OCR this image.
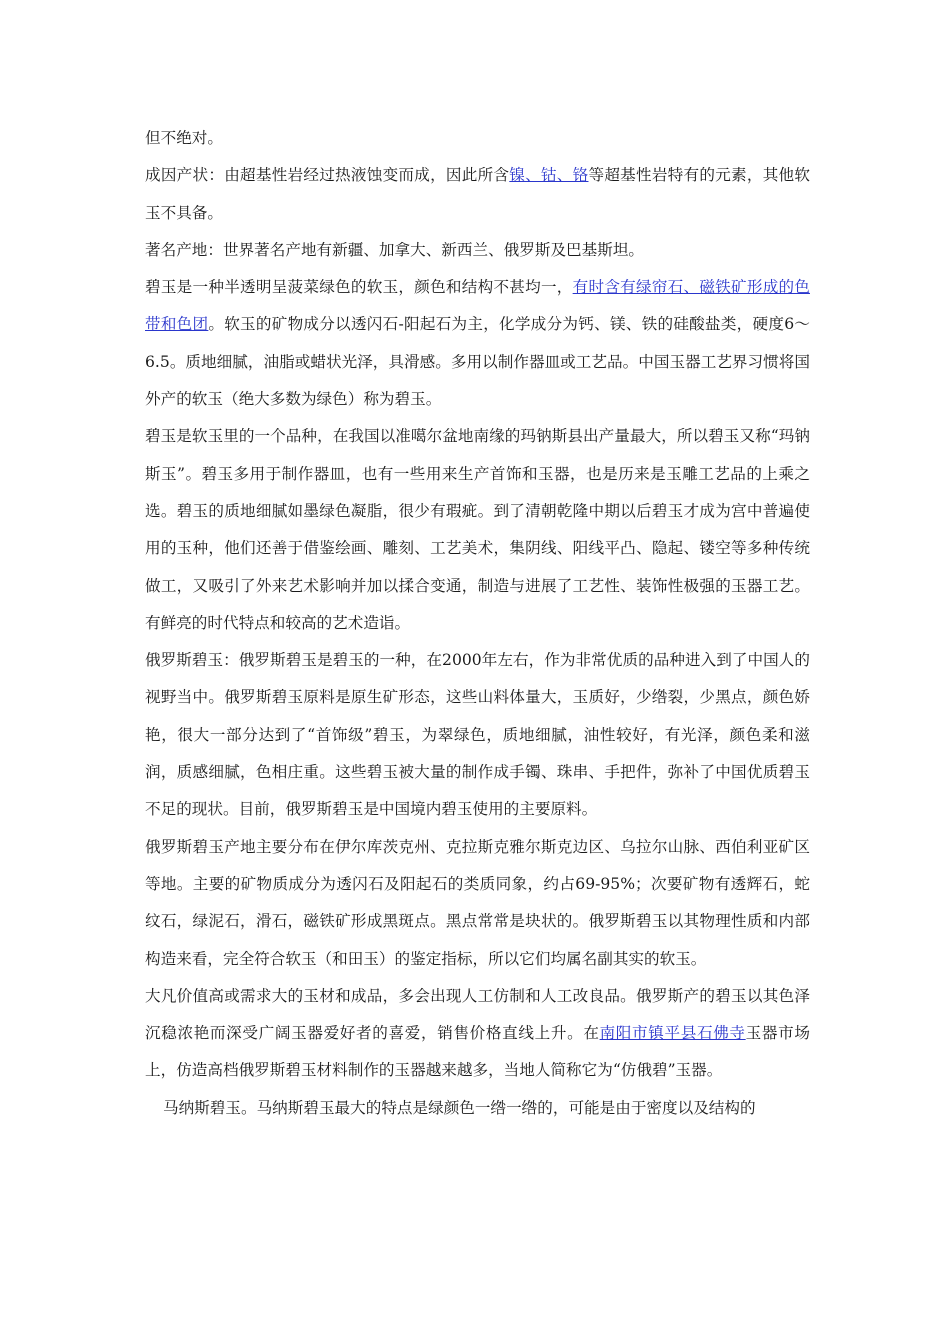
但不绝对。

成因产状：由超基性岩经过热液蚀变而成，因此所含镍、钴、铬等超基性岩特有的元素，其他软玉不具备。

著名产地：世界著名产地有新疆、加拿大、新西兰、俄罗斯及巴基斯坦。

碧玉是一种半透明呈菠菜绿色的软玉，颜色和结构不甚均一，有时含有绿帘石、磁铁矿形成的色带和色团。软玉的矿物成分以透闪石-阳起石为主，化学成分为钙、镁、铁的硅酸盐类，硬度6～6.5。质地细腻，油脂或蜡状光泽，具滑感。多用以制作器皿或工艺品。中国玉器工艺界习惯将国外产的软玉（绝大多数为绿色）称为碧玉。

碧玉是软玉里的一个品种，在我国以准噶尔盆地南缘的玛钠斯县出产量最大，所以碧玉又称“玛钠斯玉”。碧玉多用于制作器皿，也有一些用来生产首饰和玉器，也是历来是玉雕工艺品的上乘之选。碧玉的质地细腻如墨绿色凝脂，很少有瑕疵。到了清朝乾隆中期以后碧玉才成为宫中普遍使用的玉种，他们还善于借鉴绘画、雕刻、工艺美术，集阴线、阳线平凸、隐起、镂空等多种传统做工，又吸引了外来艺术影响并加以揉合变通，制造与进展了工艺性、装饰性极强的玉器工艺。有鲜亮的时代特点和较高的艺术造诣。

俄罗斯碧玉：俄罗斯碧玉是碧玉的一种，在2000年左右，作为非常优质的品种进入到了中国人的视野当中。俄罗斯碧玉原料是原生矿形态，这些山料体量大，玉质好，少绺裂，少黑点，颜色娇艳，很大一部分达到了“首饰级”碧玉，为翠绿色，质地细腻，油性较好，有光泽，颜色柔和滋润，质感细腻，色相庄重。这些碧玉被大量的制作成手镯、珠串、手把件，弥补了中国优质碧玉不足的现状。目前，俄罗斯碧玉是中国境内碧玉使用的主要原料。

俄罗斯碧玉产地主要分布在伊尔库茨克州、克拉斯克雅尔斯克边区、乌拉尔山脉、西伯利亚矿区等地。主要的矿物质成分为透闪石及阳起石的类质同象，约占69-95%；次要矿物有透辉石，蛇纹石，绿泥石，滑石，磁铁矿形成黑斑点。黑点常常是块状的。俄罗斯碧玉以其物理性质和内部构造来看，完全符合软玉（和田玉）的鉴定指标，所以它们均属名副其实的软玉。

大凡价值高或需求大的玉材和成品，多会出现人工仿制和人工改良品。俄罗斯产的碧玉以其色泽沉稳浓艳而深受广阔玉器爱好者的喜爱，销售价格直线上升。在南阳市镇平县石佛寺玉器市场上，仿造高档俄罗斯碧玉材料制作的玉器越来越多，当地人简称它为“仿俄碧”玉器。

马纳斯碧玉。马纳斯碧玉最大的特点是绿颜色一绺一绺的，可能是由于密度以及结构的
